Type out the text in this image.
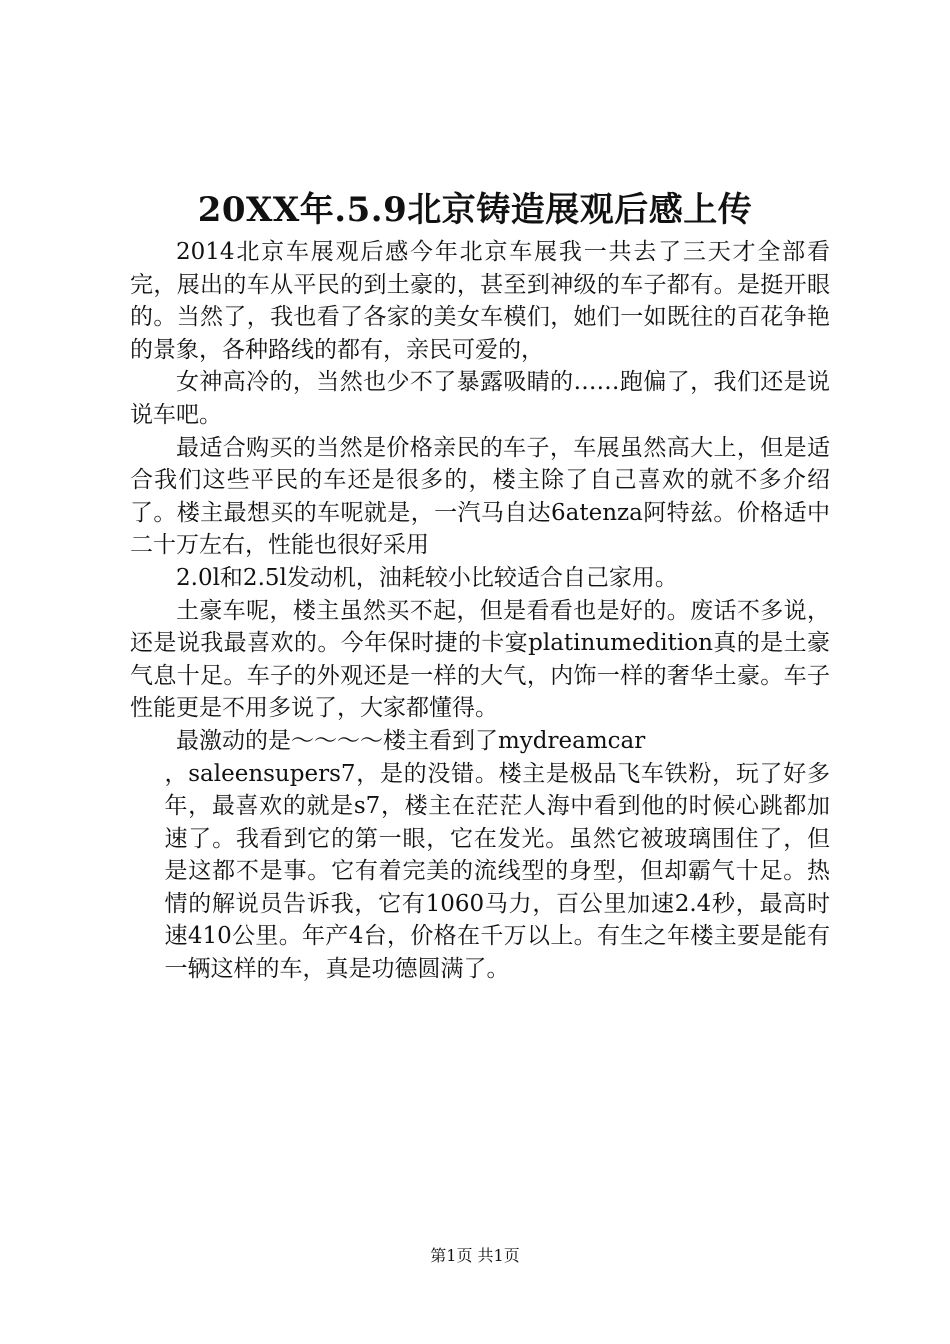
20XX年.5.9北京铸造展观后感上传

2014北京车展观后感今年北京车展我一共去了三天才全部看完，展出的车从平民的到土豪的，甚至到神级的车子都有。是挺开眼的。当然了，我也看了各家的美女车模们，她们一如既往的百花争艳的景象，各种路线的都有，亲民可爱的，

女神高冷的，当然也少不了暴露吸睛的……跑偏了，我们还是说说车吧。

最适合购买的当然是价格亲民的车子，车展虽然高大上，但是适合我们这些平民的车还是很多的，楼主除了自己喜欢的就不多介绍了。楼主最想买的车呢就是，一汽马自达6atenza阿特兹。价格适中二十万左右，性能也很好采用

2.0l和2.5l发动机，油耗较小比较适合自己家用。

土豪车呢，楼主虽然买不起，但是看看也是好的。废话不多说，还是说我最喜欢的。今年保时捷的卡宴platinumedition真的是土豪气息十足。车子的外观还是一样的大气，内饰一样的奢华土豪。车子性能更是不用多说了，大家都懂得。

最激动的是～～～～楼主看到了mydreamcar

，saleensupers7，是的没错。楼主是极品飞车铁粉，玩了好多年，最喜欢的就是s7，楼主在茫茫人海中看到他的时候心跳都加速了。我看到它的第一眼，它在发光。虽然它被玻璃围住了，但是这都不是事。它有着完美的流线型的身型，但却霸气十足。热情的解说员告诉我，它有1060马力，百公里加速2.4秒，最高时速410公里。年产4台，价格在千万以上。有生之年楼主要是能有一辆这样的车，真是功德圆满了。

第1页 共1页
